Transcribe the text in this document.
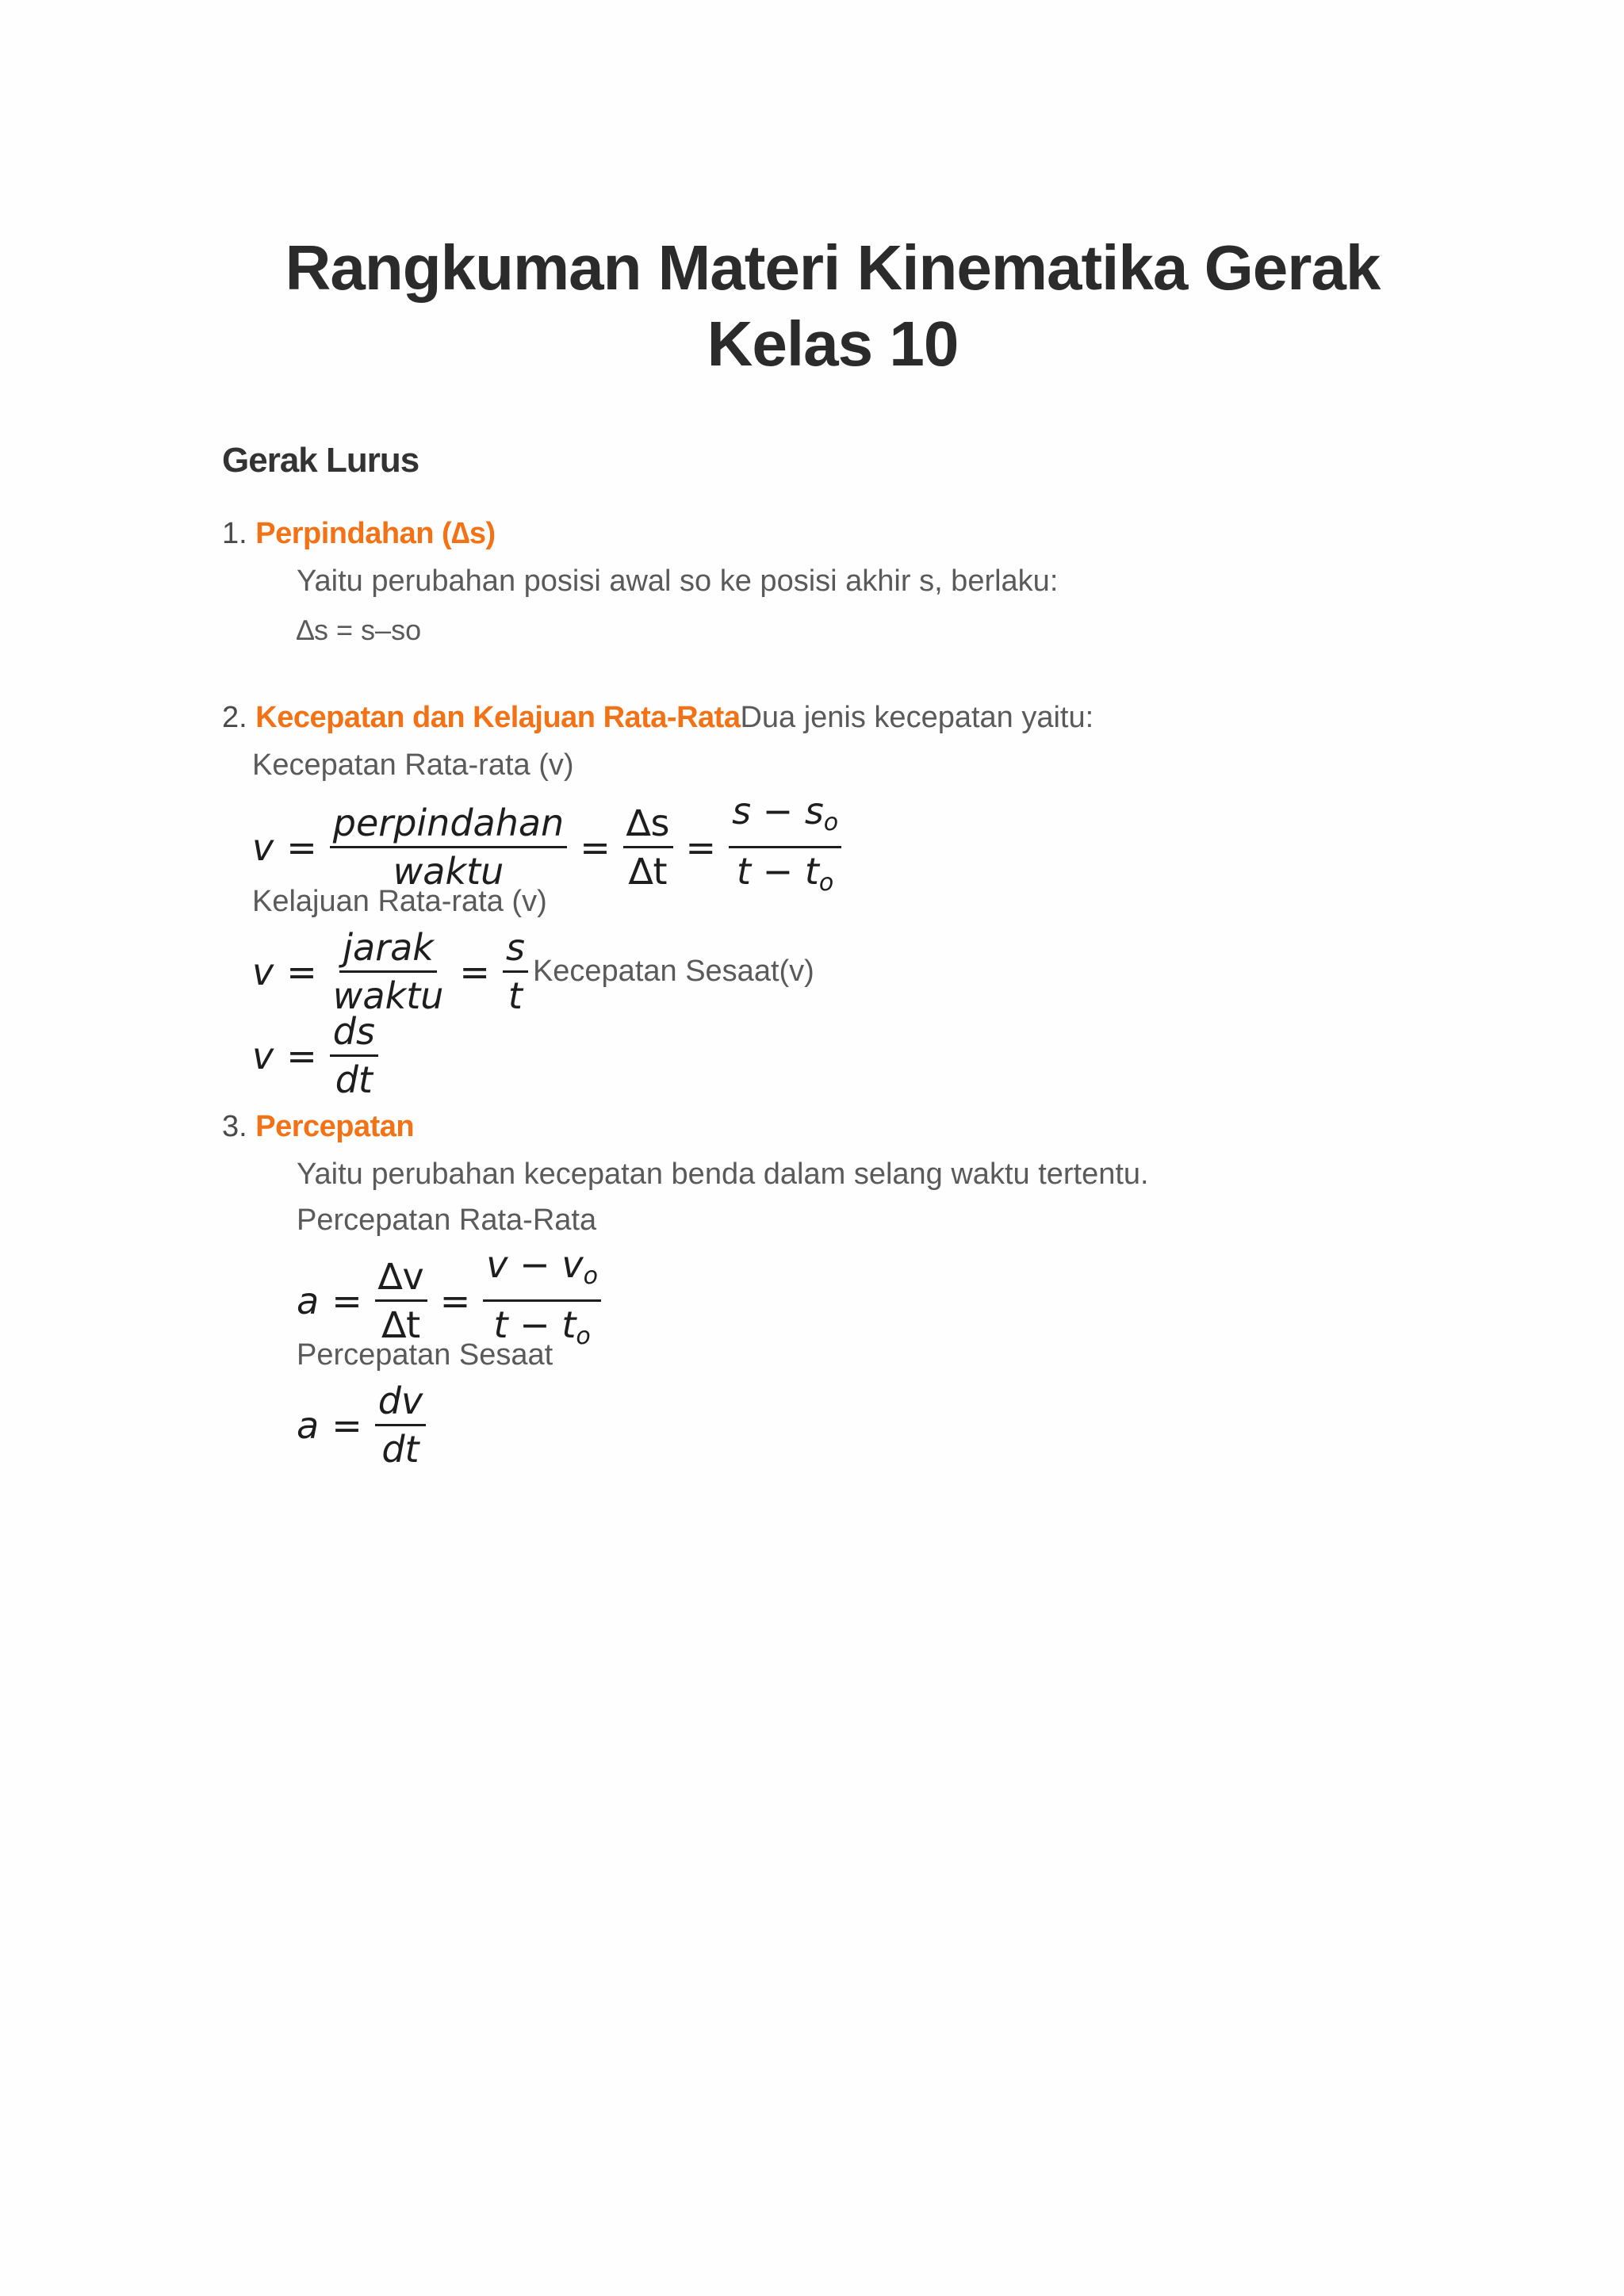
Rangkuman Materi Kinematika Gerak Kelas 10
Gerak Lurus
1. Perpindahan (∆s)
Yaitu perubahan posisi awal so ke posisi akhir s, berlaku:
∆s = s–so
2. Kecepatan dan Kelajuan Rata-RataDua jenis kecepatan yaitu:
Kecepatan Rata-rata (v)
$v = \frac{\text{perpindahan}}{\text{waktu}} = \frac{\Delta s}{\Delta t} = \frac{s - s_o}{t - t_o}$
Kelajuan Rata-rata (v)
$v = \frac{\text{jarak}}{\text{waktu}} = \frac{s}{t}$ Kecepatan Sesaat(v)
$v = \frac{ds}{dt}$
3. Percepatan
Yaitu perubahan kecepatan benda dalam selang waktu tertentu.
Percepatan Rata-Rata
$a = \frac{\Delta v}{\Delta t} = \frac{v - v_o}{t - t_o}$
Percepatan Sesaat
$a = \frac{dv}{dt}$
